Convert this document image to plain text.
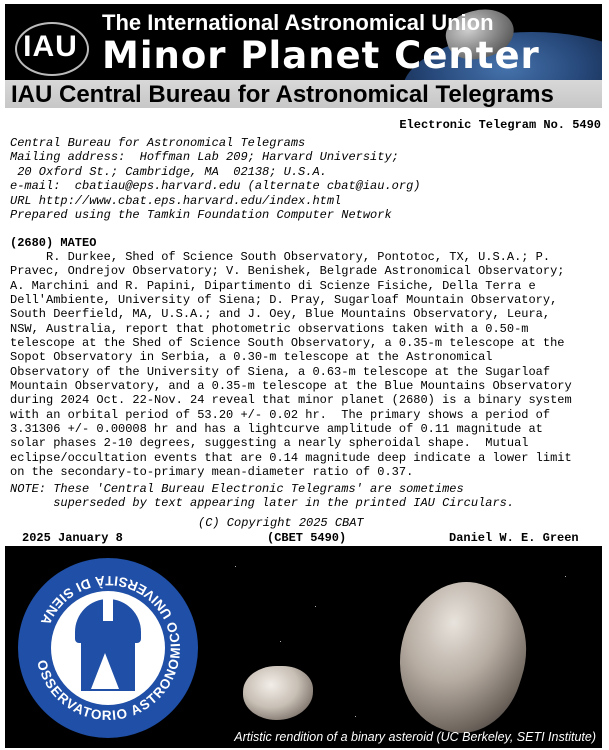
IAU
The International Astronomical Union
Minor Planet Center
IAU Central Bureau for Astronomical Telegrams
Electronic Telegram No. 5490
Central Bureau for Astronomical Telegrams
Mailing address:  Hoffman Lab 209; Harvard University;
20 Oxford St.; Cambridge, MA  02138; U.S.A.
e-mail:  cbatiau@eps.harvard.edu (alternate cbat@iau.org)
URL http://www.cbat.eps.harvard.edu/index.html
Prepared using the Tamkin Foundation Computer Network
(2680) MATEO
R. Durkee, Shed of Science South Observatory, Pontotoc, TX, U.S.A.; P.
Pravec, Ondrejov Observatory; V. Benishek, Belgrade Astronomical Observatory;
A. Marchini and R. Papini, Dipartimento di Scienze Fisiche, Della Terra e
Dell'Ambiente, University of Siena; D. Pray, Sugarloaf Mountain Observatory,
South Deerfield, MA, U.S.A.; and J. Oey, Blue Mountains Observatory, Leura,
NSW, Australia, report that photometric observations taken with a 0.50-m
telescope at the Shed of Science South Observatory, a 0.35-m telescope at the
Sopot Observatory in Serbia, a 0.30-m telescope at the Astronomical
Observatory of the University of Siena, a 0.63-m telescope at the Sugarloaf
Mountain Observatory, and a 0.35-m telescope at the Blue Mountains Observatory
during 2024 Oct. 22-Nov. 24 reveal that minor planet (2680) is a binary system
with an orbital period of 53.20 +/- 0.02 hr.  The primary shows a period of
3.31306 +/- 0.00008 hr and has a lightcurve amplitude of 0.11 magnitude at
solar phases 2-10 degrees, suggesting a nearly spheroidal shape.  Mutual
eclipse/occultation events that are 0.14 magnitude deep indicate a lower limit
on the secondary-to-primary mean-diameter ratio of 0.37.
NOTE: These 'Central Bureau Electronic Telegrams' are sometimes
superseded by text appearing later in the printed IAU Circulars.
(C) Copyright 2025 CBAT
2025 January 8	(CBET 5490)	Daniel W. E. Green
OSSERVATORIO ASTRONOMICO UNIVERSITÀ DI SIENA
Artistic rendition of a binary asteroid (UC Berkeley, SETI Institute)
